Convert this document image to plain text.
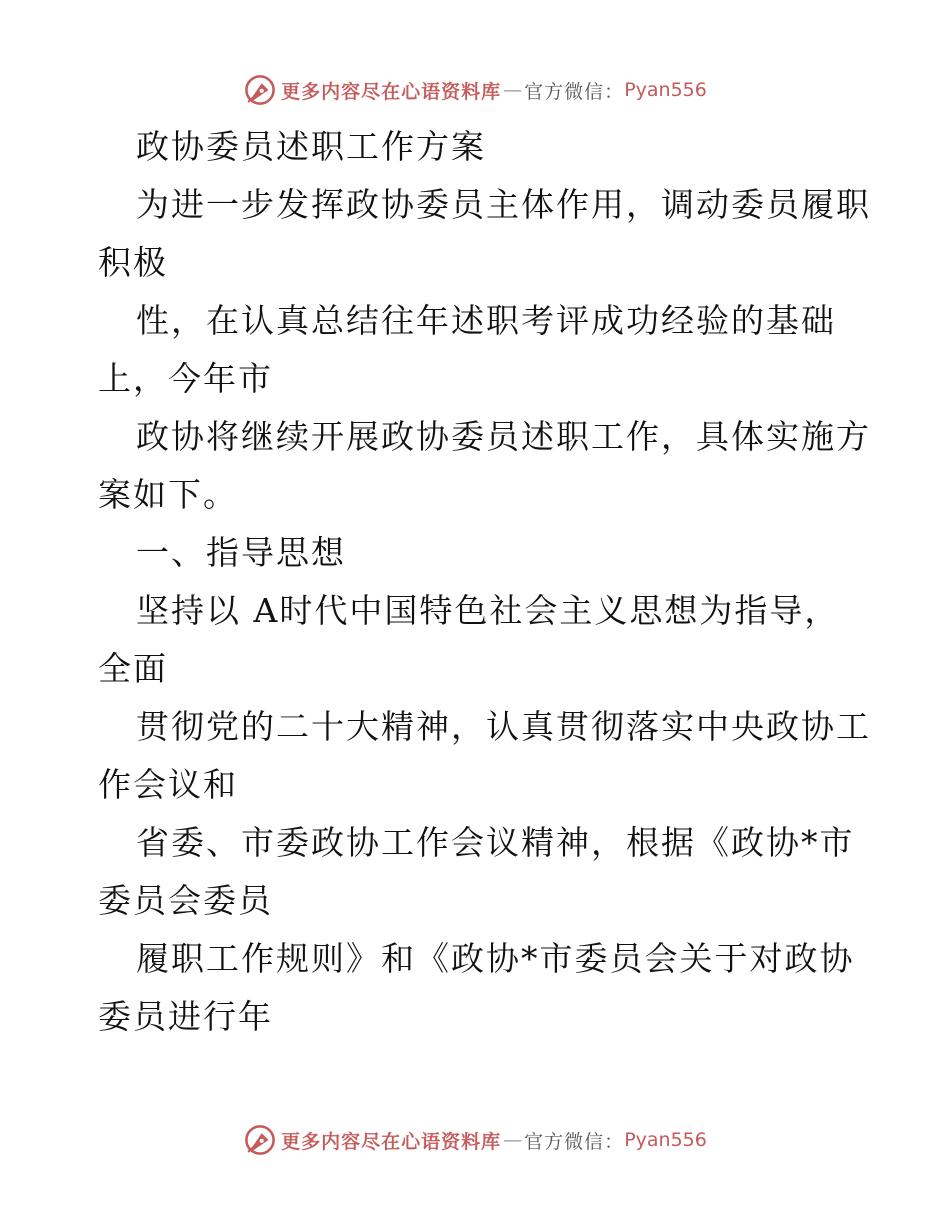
更多内容尽在心语资料库 — 官方微信： Pyan556
政协委员述职工作方案
为进一步发挥政协委员主体作用，调动委员履职
积极
性，在认真总结往年述职考评成功经验的基础
上，今年市
政协将继续开展政协委员述职工作，具体实施方
案如下。
一、指导思想
坚持以 A时代中国特色社会主义思想为指导，
全面
贯彻党的二十大精神，认真贯彻落实中央政协工
作会议和
省委、市委政协工作会议精神，根据《政协*市
委员会委员
履职工作规则》和《政协*市委员会关于对政协
委员进行年
更多内容尽在心语资料库 — 官方微信： Pyan556
